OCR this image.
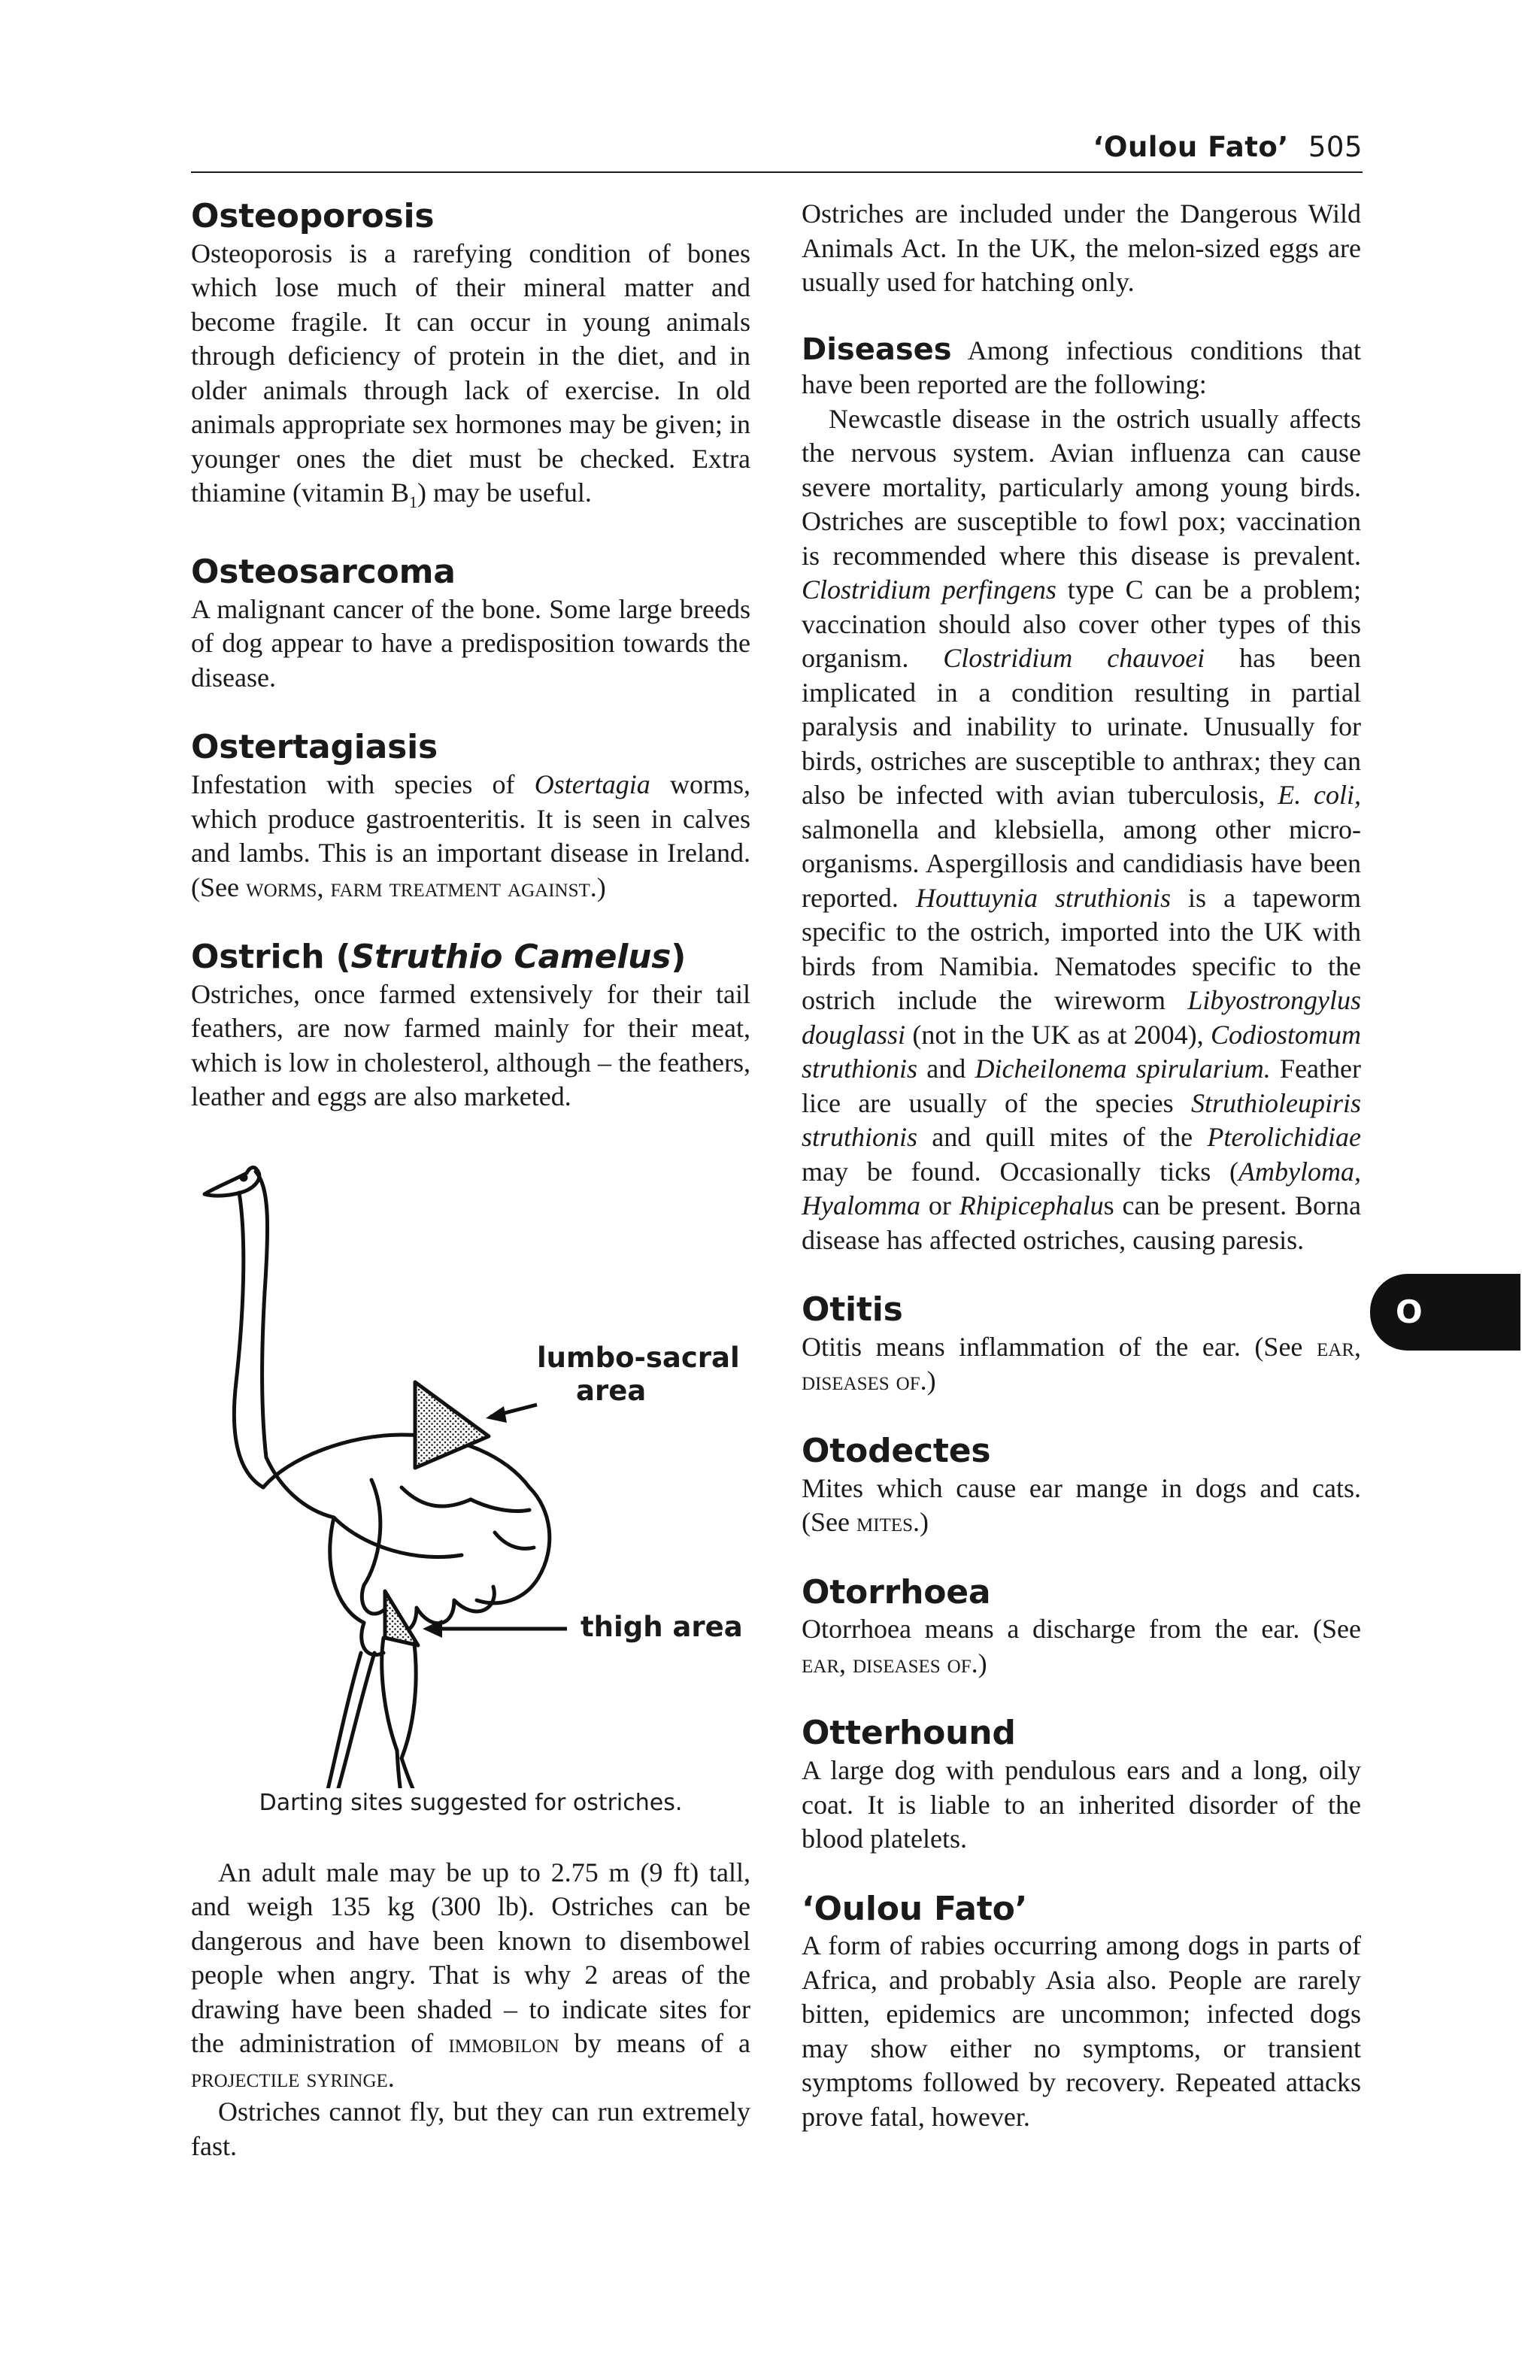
‘Oulou Fato’ 505
Osteoporosis

Osteoporosis is a rarefying condition of bones which lose much of their mineral matter and become fragile. It can occur in young animals through deficiency of protein in the diet, and in older animals through lack of exercise. In old animals appropriate sex hormones may be given; in younger ones the diet must be checked. Extra thiamine (vitamin $B_1$) may be useful.

Osteosarcoma

A malignant cancer of the bone. Some large breeds of dog appear to have a predisposition towards the disease.

Ostertagiasis

Infestation with species of Ostertagia worms, which produce gastroenteritis. It is seen in calves and lambs. This is an important disease in Ireland. (See worms, farm treatment against.)

Ostrich (Struthio Camelus)

Ostriches, once farmed extensively for their tail feathers, are now farmed mainly for their meat, which is low in cholesterol, although – the feathers, leather and eggs are also marketed.

lumbo-sacral
area
thigh area
Darting sites suggested for ostriches.

An adult male may be up to 2.75 m (9 ft) tall, and weigh 135 kg (300 lb). Ostriches can be dangerous and have been known to disembowel people when angry. That is why 2 areas of the drawing have been shaded – to indicate sites for the administration of immobilon by means of a projectile syringe.

Ostriches cannot fly, but they can run extremely fast.

Ostriches are included under the Dangerous Wild Animals Act. In the UK, the melon-sized eggs are usually used for hatching only.

Diseases Among infectious conditions that have been reported are the following:

Newcastle disease in the ostrich usually affects the nervous system. Avian influenza can cause severe mortality, particularly among young birds. Ostriches are susceptible to fowl pox; vaccination is recommended where this disease is prevalent. Clostridium perfingens type C can be a problem; vaccination should also cover other types of this organism. Clostridium chauvoei has been implicated in a condition resulting in partial paralysis and inability to urinate. Unusually for birds, ostriches are susceptible to anthrax; they can also be infected with avian tuberculosis, E. coli, salmonella and klebsiella, among other micro-organisms. Aspergillosis and candidiasis have been reported. Houttuynia struthionis is a tapeworm specific to the ostrich, imported into the UK with birds from Namibia. Nematodes specific to the ostrich include the wireworm Libyostrongylus douglassi (not in the UK as at 2004), Codiostomum struthionis and Dicheilonema spirularium. Feather lice are usually of the species Struthioleupiris struthionis and quill mites of the Pterolichidiae may be found. Occasionally ticks (Ambyloma, Hyalomma or Rhipicephalus can be present. Borna disease has affected ostriches, causing paresis.

Otitis

Otitis means inflammation of the ear. (See ear, diseases of.)

Otodectes

Mites which cause ear mange in dogs and cats. (See mites.)

Otorrhoea

Otorrhoea means a discharge from the ear. (See ear, diseases of.)

Otterhound

A large dog with pendulous ears and a long, oily coat. It is liable to an inherited disorder of the blood platelets.

‘Oulou Fato’

A form of rabies occurring among dogs in parts of Africa, and probably Asia also. People are rarely bitten, epidemics are uncommon; infected dogs may show either no symptoms, or transient symptoms followed by recovery. Repeated attacks prove fatal, however.

O
